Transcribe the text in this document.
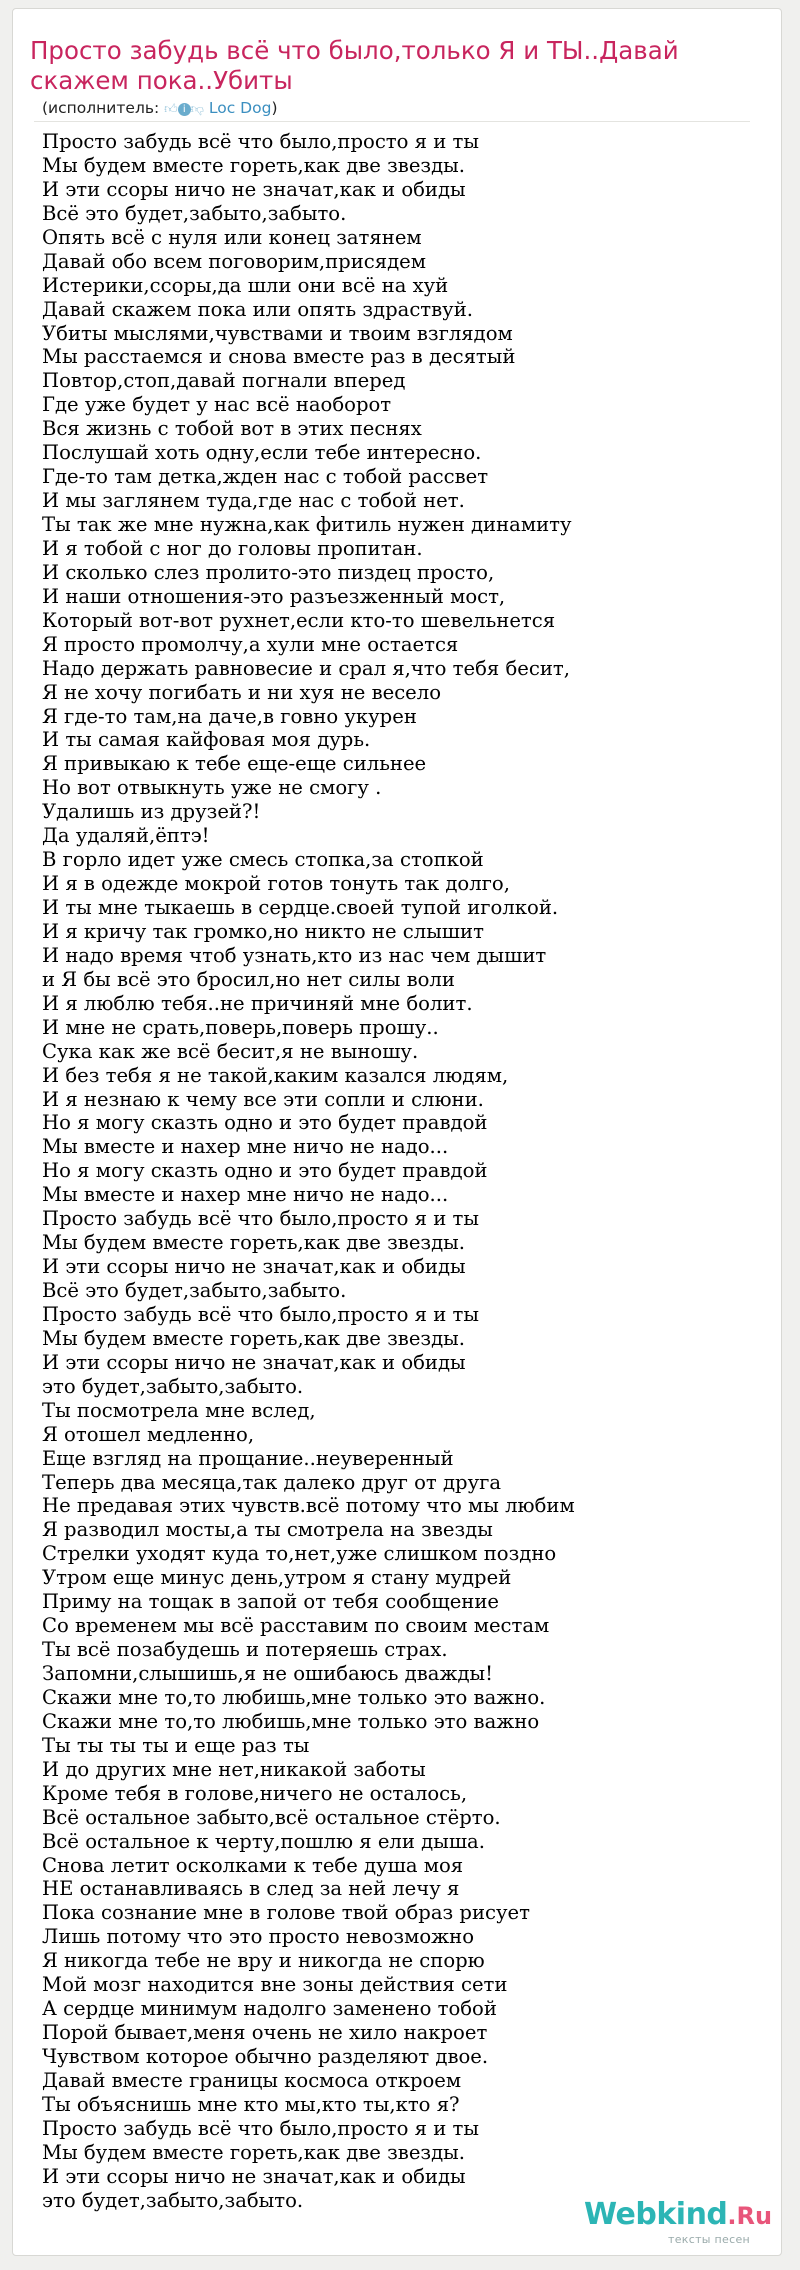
Просто забудь всё что было,только Я и ТЫ..Давай скажем пока..Убиты
(исполнитель: 👍︎ i 👎︎ Loc Dog)
Просто забудь всё что было,просто я и ты
Мы будем вместе гореть,как две звезды.
И эти ссоры ничо не значат,как и обиды
Всё это будет,забыто,забыто.
Опять всё с нуля или конец затянем
Давай обо всем поговорим,присядем
Истерики,ссоры,да шли они всё на хуй
Давай скажем пока или опять здраствуй.
Убиты мыслями,чувствами и твоим взглядом
Мы расстаемся и снова вместе раз в десятый
Повтор,стоп,давай погнали вперед
Где уже будет у нас всё наоборот
Вся жизнь с тобой вот в этих песнях
Послушай хоть одну,если тебе интересно.
Где-то там детка,жден нас с тобой рассвет
И мы заглянем туда,где нас с тобой нет.
Ты так же мне нужна,как фитиль нужен динамиту
И я тобой с ног до головы пропитан.
И сколько слез пролито-это пиздец просто,
И наши отношения-это разъезженный мост,
Который вот-вот рухнет,если кто-то шевельнется
Я просто промолчу,а хули мне остается
Надо держать равновесие и срал я,что тебя бесит,
Я не хочу погибать и ни хуя не весело
Я где-то там,на даче,в говно укурен
И ты самая кайфовая моя дурь.
Я привыкаю к тебе еще-еще сильнее
Но вот отвыкнуть уже не смогу .
Удалишь из друзей?!
Да удаляй,ёптэ!
В горло идет уже смесь стопка,за стопкой
И я в одежде мокрой готов тонуть так долго,
И ты мне тыкаешь в сердце.своей тупой иголкой.
И я кричу так громко,но никто не слышит
И надо время чтоб узнать,кто из нас чем дышит
и Я бы всё это бросил,но нет силы воли
И я люблю тебя..не причиняй мне болит.
И мне не срать,поверь,поверь прошу..
Сука как же всё бесит,я не выношу.
И без тебя я не такой,каким казался людям,
И я незнаю к чему все эти сопли и слюни.
Но я могу сказть одно и это будет правдой
Мы вместе и нахер мне ничо не надо...
Но я могу сказть одно и это будет правдой
Мы вместе и нахер мне ничо не надо...
Просто забудь всё что было,просто я и ты
Мы будем вместе гореть,как две звезды.
И эти ссоры ничо не значат,как и обиды
Всё это будет,забыто,забыто.
Просто забудь всё что было,просто я и ты
Мы будем вместе гореть,как две звезды.
И эти ссоры ничо не значат,как и обиды
это будет,забыто,забыто.
Ты посмотрела мне вслед,
Я отошел медленно,
Еще взгляд на прощание..неуверенный
Теперь два месяца,так далеко друг от друга
Не предавая этих чувств.всё потому что мы любим
Я разводил мосты,а ты смотрела на звезды
Стрелки уходят куда то,нет,уже слишком поздно
Утром еще минус день,утром я стану мудрей
Приму на тощак в запой от тебя сообщение
Со временем мы всё расставим по своим местам
Ты всё позабудешь и потеряешь страх.
Запомни,слышишь,я не ошибаюсь дважды!
Скажи мне то,то любишь,мне только это важно.
Скажи мне то,то любишь,мне только это важно
Ты ты ты ты и еще раз ты
И до других мне нет,никакой заботы
Кроме тебя в голове,ничего не осталось,
Всё остальное забыто,всё остальное стёрто.
Всё остальное к черту,пошлю я ели дыша.
Снова летит осколками к тебе душа моя
НЕ останавливаясь в след за ней лечу я
Пока сознание мне в голове твой образ рисует
Лишь потому что это просто невозможно
Я никогда тебе не вру и никогда не спорю
Мой мозг находится вне зоны действия сети
А сердце минимум надолго заменено тобой
Порой бывает,меня очень не хило накроет
Чувством которое обычно разделяют двое.
Давай вместе границы космоса откроем
Ты объяснишь мне кто мы,кто ты,кто я?
Просто забудь всё что было,просто я и ты
Мы будем вместе гореть,как две звезды.
И эти ссоры ничо не значат,как и обиды
это будет,забыто,забыто.	Webkind.Ru
тексты песен
